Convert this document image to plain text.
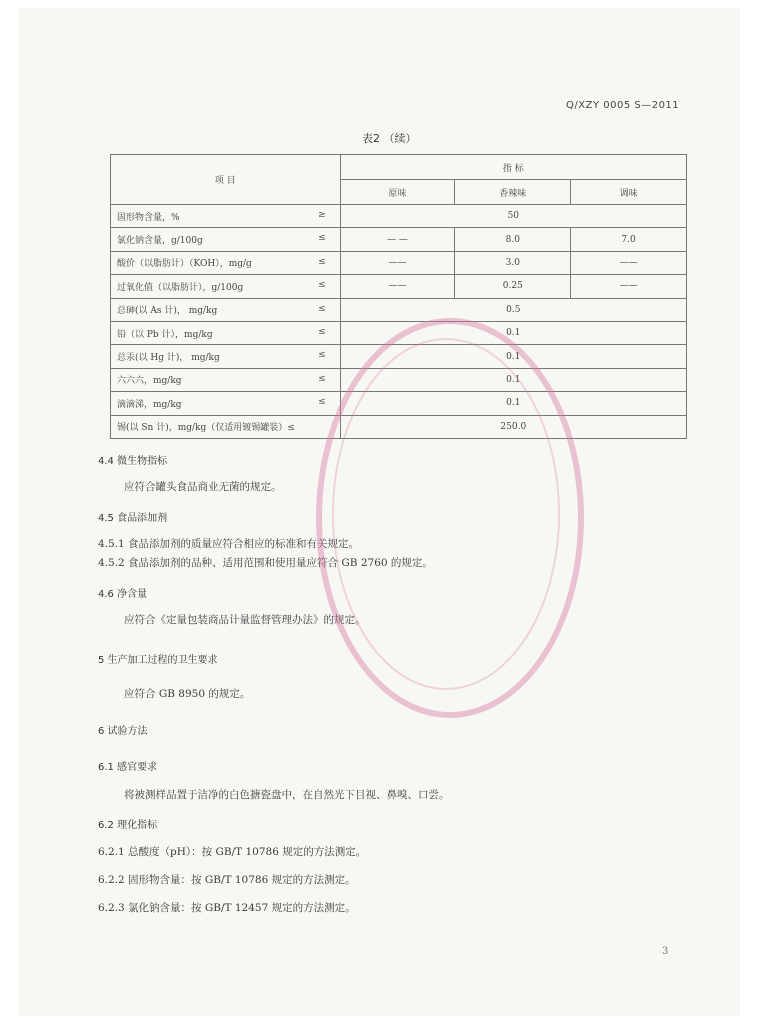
Q/XZY 0005 S—2011
表2 （续）
项 目	指 标		
	原味	香辣味	调味
固形物含量，% ≥	50		
氯化钠含量，g/100g ≤	— —	8.0	7.0
酸价（以脂肪计）（KOH），mg/g ≤	——	3.0	——
过氧化值（以脂肪计），g/100g ≤	——	0.25	——
总砷(以 As 计)， mg/kg ≤	0.5		
铅（以 Pb 计），mg/kg ≤	0.1		
总汞(以 Hg 计)， mg/kg ≤	0.1		
六六六，mg/kg ≤	0.1		
滴滴涕，mg/kg ≤	0.1		
锡(以 Sn 计)，mg/kg（仅适用镀锡罐装）≤	250.0		
4.4 微生物指标
应符合罐头食品商业无菌的规定。
4.5 食品添加剂
4.5.1 食品添加剂的质量应符合相应的标准和有关规定。
4.5.2 食品添加剂的品种、适用范围和使用量应符合 GB 2760 的规定。
4.6 净含量
应符合《定量包装商品计量监督管理办法》的规定。
5 生产加工过程的卫生要求
应符合 GB 8950 的规定。
6 试验方法
6.1 感官要求
将被测样品置于洁净的白色搪瓷盘中，在自然光下目视、鼻嗅、口尝。
6.2 理化指标
6.2.1 总酸度（pH）：按 GB/T 10786 规定的方法测定。
6.2.2 固形物含量：按 GB/T 10786 规定的方法测定。
6.2.3 氯化钠含量：按 GB/T 12457 规定的方法测定。
3
